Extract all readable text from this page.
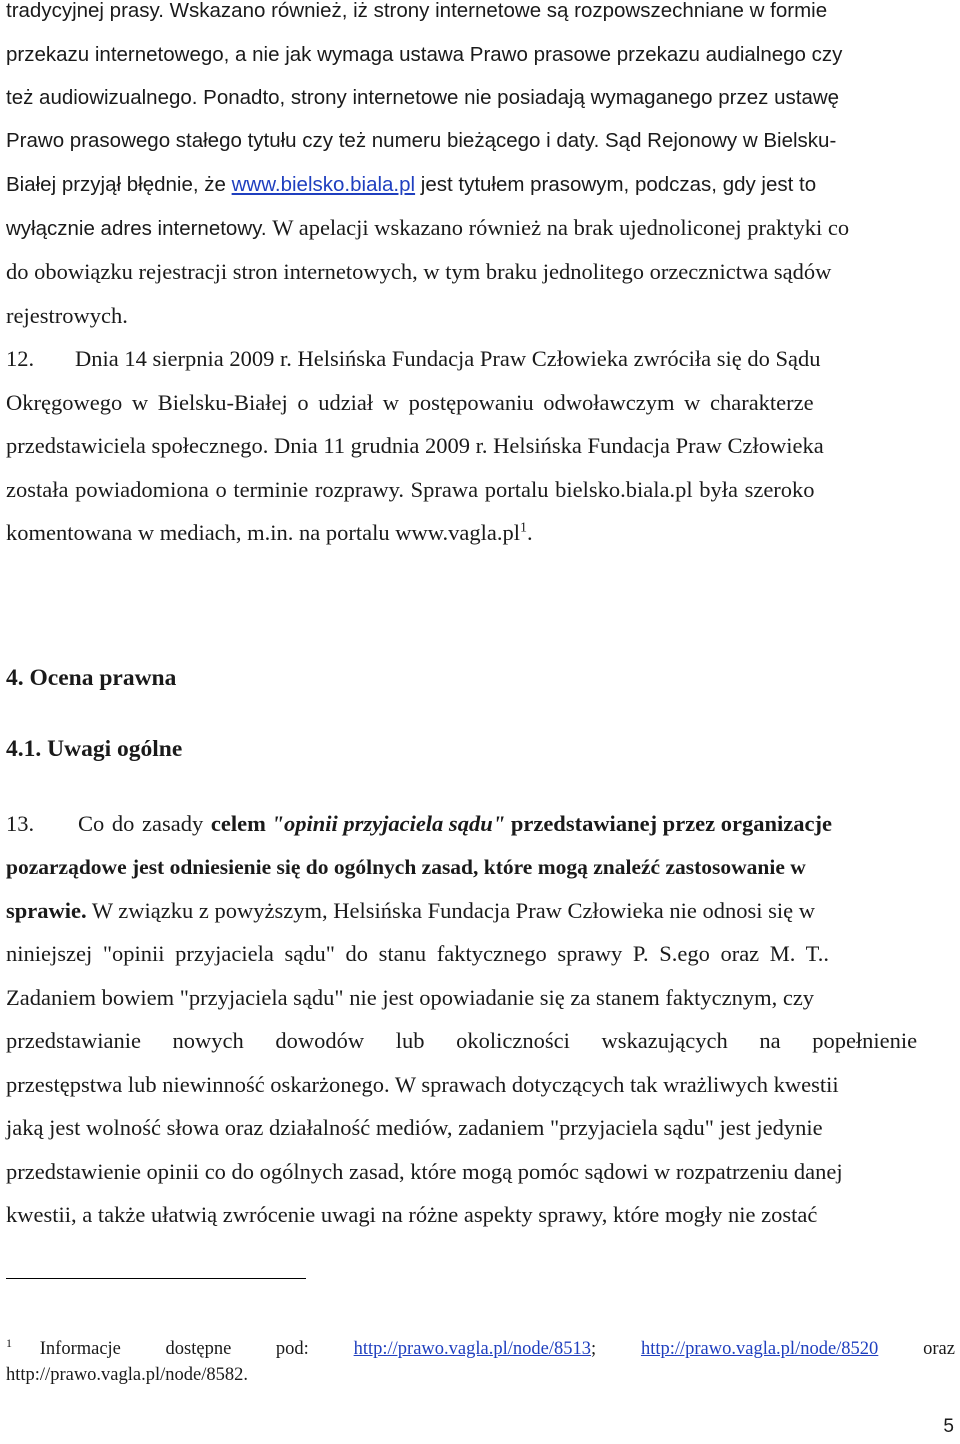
tradycyjnej prasy. Wskazano również, iż strony internetowe są rozpowszechniane w formie
przekazu internetowego, a nie jak wymaga ustawa Prawo prasowe przekazu audialnego czy
też audiowizualnego. Ponadto, strony internetowe nie posiadają wymaganego przez ustawę
Prawo prasowego stałego tytułu czy też numeru bieżącego i daty. Sąd Rejonowy w Bielsku-
Białej przyjął błędnie, że www.bielsko.biala.pl jest tytułem prasowym, podczas, gdy jest to
wyłącznie adres internetowy. W apelacji wskazano również na brak ujednoliconej praktyki co
do obowiązku rejestracji stron internetowych, w tym braku jednolitego orzecznictwa sądów
rejestrowych.
12. Dnia 14 sierpnia 2009 r. Helsińska Fundacja Praw Człowieka zwróciła się do Sądu
Okręgowego w Bielsku-Białej o udział w postępowaniu odwoławczym w charakterze
przedstawiciela społecznego. Dnia 11 grudnia 2009 r. Helsińska Fundacja Praw Człowieka
została powiadomiona o terminie rozprawy. Sprawa portalu bielsko.biala.pl była szeroko
komentowana w mediach, m.in. na portalu $www.vagla.pl^1$.
4. Ocena prawna
4.1. Uwagi ogólne
13. Co do zasady celem "opinii przyjaciela sądu" przedstawianej przez organizacje
pozarządowe jest odniesienie się do ogólnych zasad, które mogą znaleźć zastosowanie w
sprawie. W związku z powyższym, Helsińska Fundacja Praw Człowieka nie odnosi się w
niniejszej "opinii przyjaciela sądu" do stanu faktycznego sprawy P. S.ego oraz M. T..
Zadaniem bowiem "przyjaciela sądu" nie jest opowiadanie się za stanem faktycznym, czy
przedstawianie nowych dowodów lub okoliczności wskazujących na popełnienie
przestępstwa lub niewinność oskarżonego. W sprawach dotyczących tak wrażliwych kwestii
jaką jest wolność słowa oraz działalność mediów, zadaniem "przyjaciela sądu" jest jedynie
przedstawienie opinii co do ogólnych zasad, które mogą pomóc sądowi w rozpatrzeniu danej
kwestii, a także ułatwią zwrócenie uwagi na różne aspekty sprawy, które mogły nie zostać
$^1$ Informacje dostępne pod: http://prawo.vagla.pl/node/8513; http://prawo.vagla.pl/node/8520 oraz
http://prawo.vagla.pl/node/8582.
5
